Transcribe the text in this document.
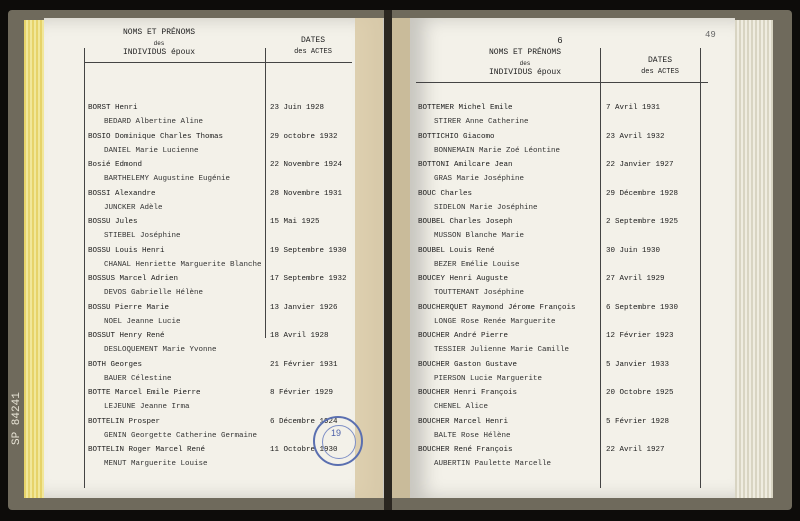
NOMS ET PRÉNOMS
des
INDIVIDUS époux
DATES
des ACTES
BORST Henri
BEDARD Albertine Aline
23 Juin 1928
BOSIO Dominique Charles Thomas
DANIEL Marie Lucienne
29 octobre 1932
Bosié Edmond
BARTHELEMY Augustine Eugénie
22 Novembre 1924
BOSSI Alexandre
JUNCKER Adèle
28 Novembre 1931
BOSSU Jules
STIEBEL Joséphine
15 Mai 1925
BOSSU Louis Henri
CHANAL Henriette Marguerite Blanche
19 Septembre 1930
BOSSUS Marcel Adrien
DEVOS Gabrielle Hélène
17 Septembre 1932
BOSSU Pierre Marie
NOEL Jeanne Lucie
13 Janvier 1926
BOSSUT Henry René
DESLOQUEMENT Marie Yvonne
18 Avril 1928
BOTH Georges
BAUER Célestine
21 Février 1931
BOTTE Marcel Emile Pierre
LEJEUNE Jeanne Irma
8 Février 1929
BOTTELIN Prosper
GENIN Georgette Catherine Germaine
6 Décembre 1924
BOTTELIN Roger Marcel René
MENUT Marguerite Louise
11 Octobre 1930
6
NOMS ET PRÉNOMS
des
INDIVIDUS époux
DATES
des ACTES
BOTTEMER Michel Emile
STIRER Anne Catherine
7 Avril 1931
BOTTICHIO Giacomo
BONNEMAIN Marie Zoé Léontine
23 Avril 1932
BOTTONI Amilcare Jean
GRAS Marie Joséphine
22 Janvier 1927
BOUC Charles
SIDELON Marie Joséphine
29 Décembre 1928
BOUBEL Charles Joseph
MUSSON Blanche Marie
2 Septembre 1925
BOUBEL Louis René
BEZER Emélie Louise
30 Juin 1930
BOUCEY Henri Auguste
TOUTTEMANT Joséphine
27 Avril 1929
BOUCHERQUET Raymond Jérome François
LONGE Rose Renée Marguerite
6 Septembre 1930
BOUCHER André Pierre
TESSIER Julienne Marie Camille
12 Février 1923
BOUCHER Gaston Gustave
PIERSON Lucie Marguerite
5 Janvier 1933
BOUCHER Henri François
CHENEL Alice
20 Octobre 1925
BOUCHER Marcel Henri
BALTE Rose Hélène
5 Février 1928
BOUCHER René François
AUBERTIN Paulette Marcelle
22 Avril 1927
49
19
SP 84241
